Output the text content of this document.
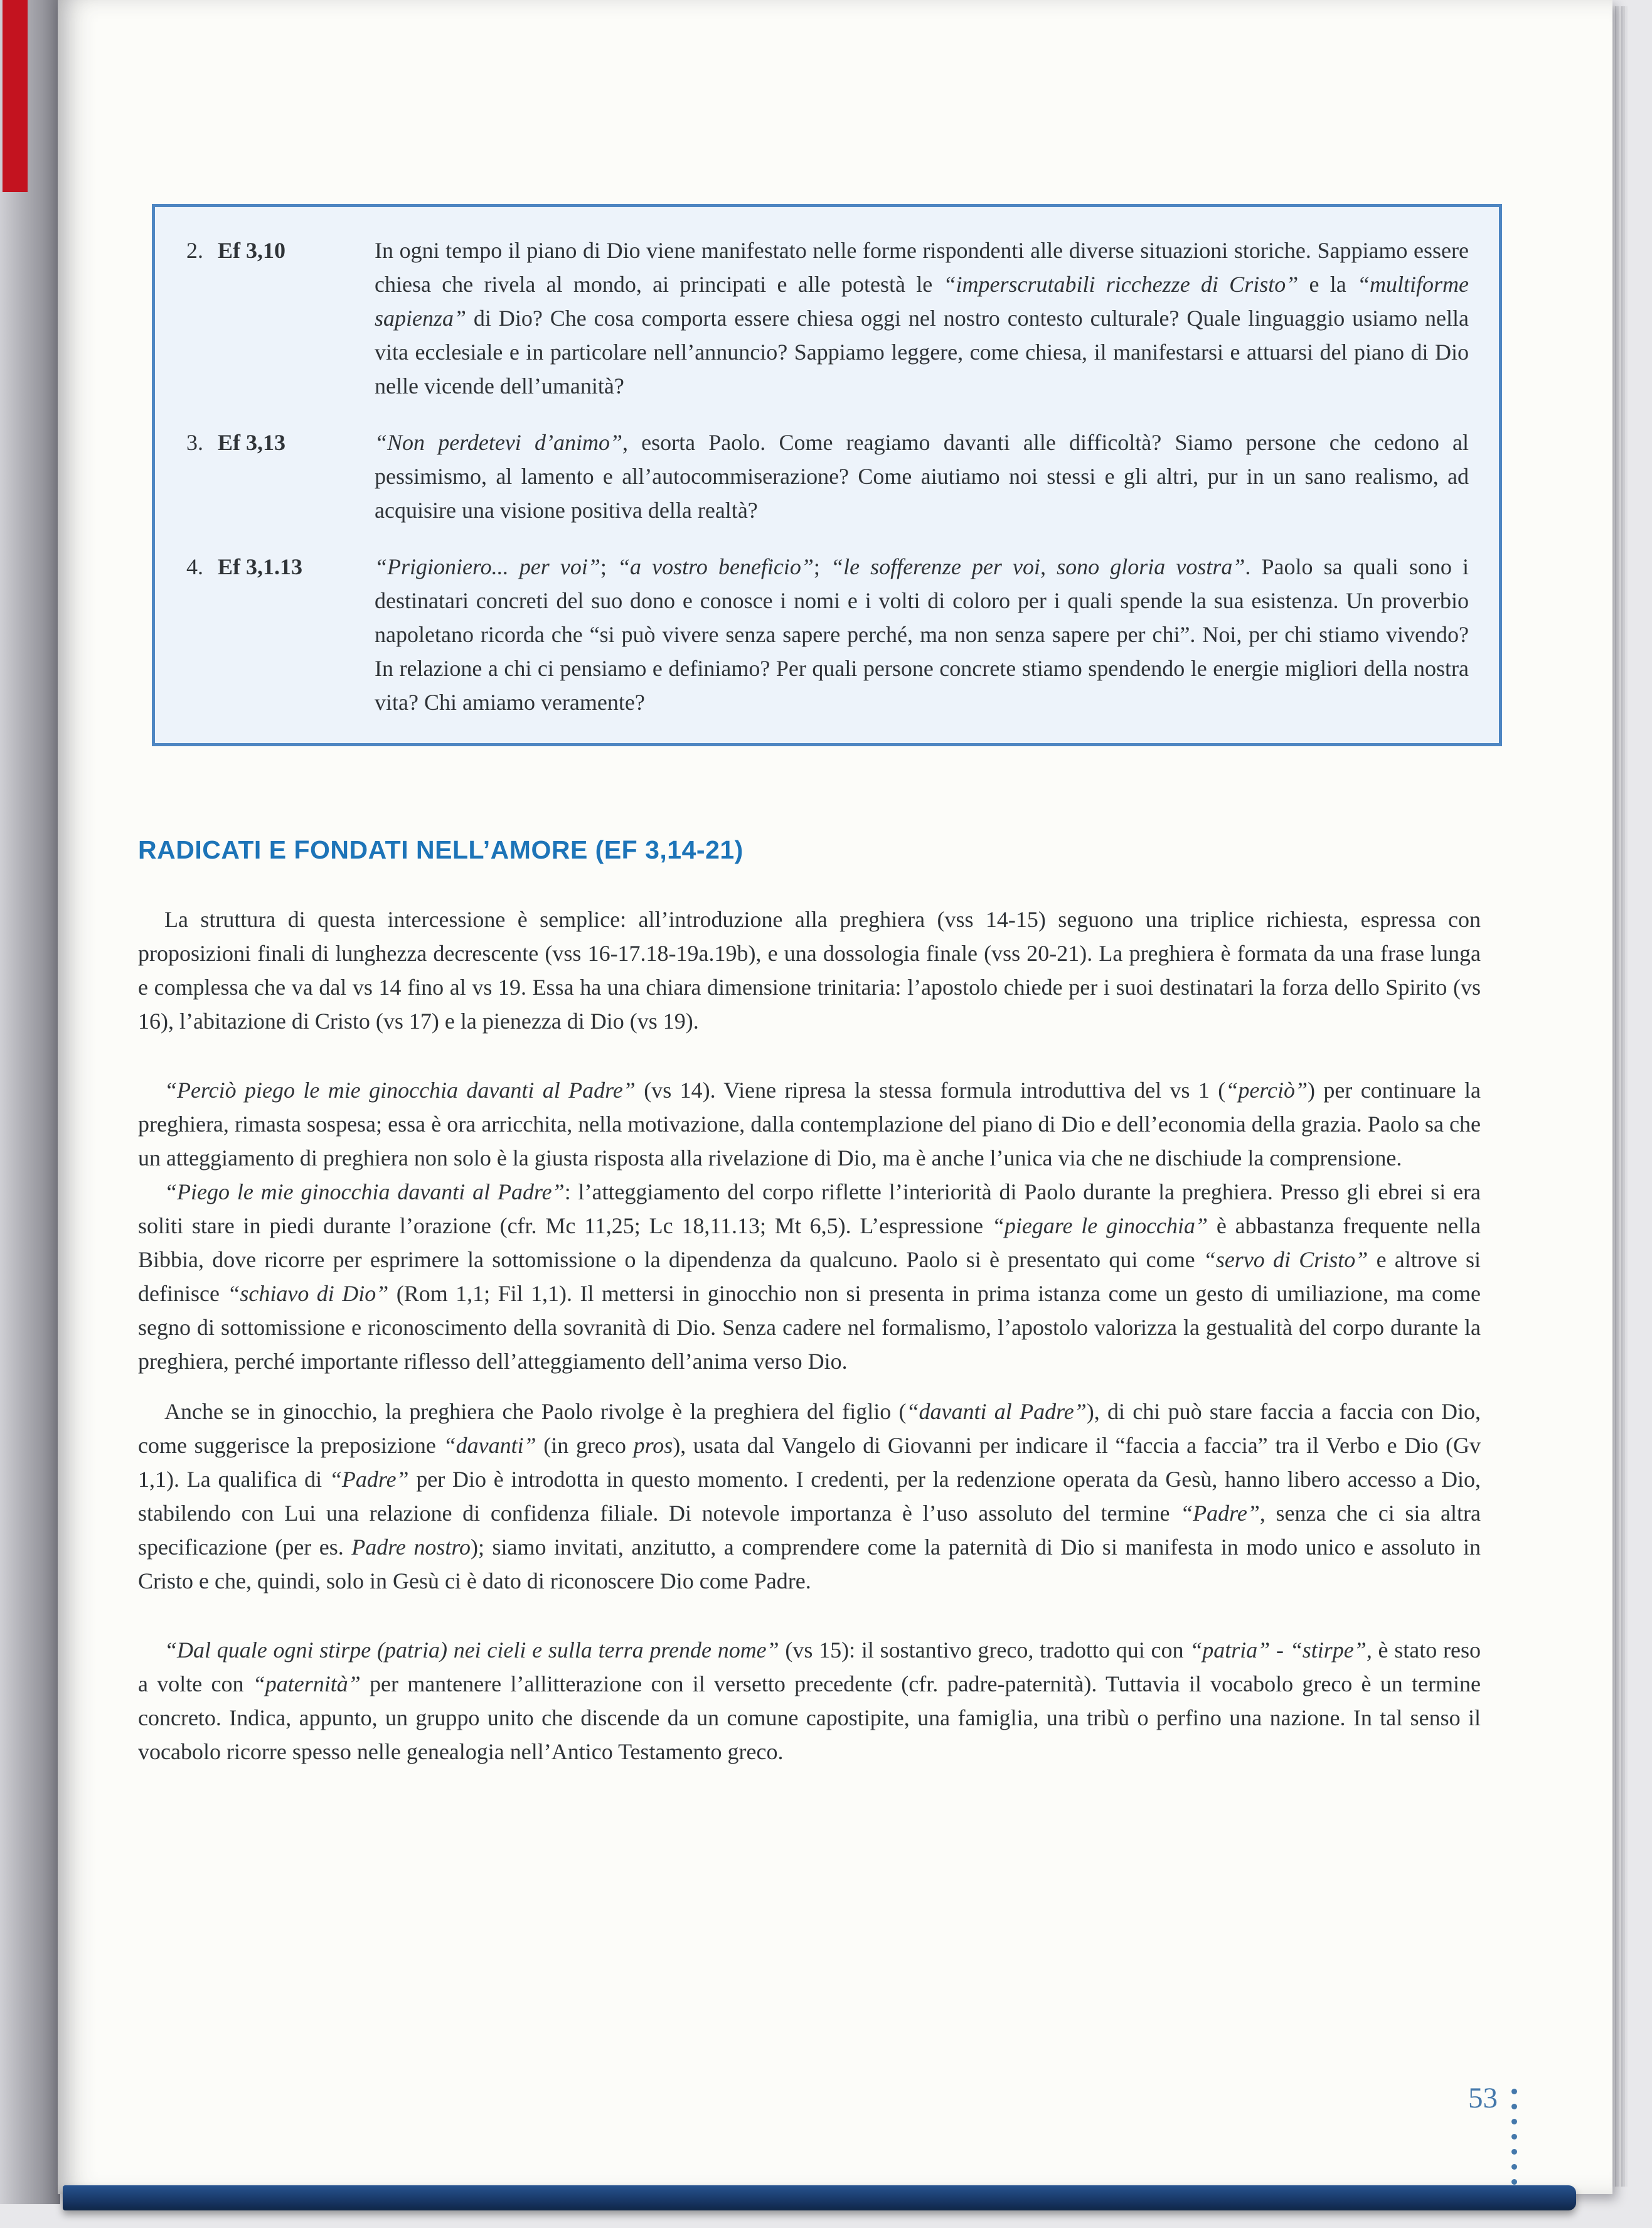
2. Ef 3,10	In ogni tempo il piano di Dio viene manifestato nelle forme rispondenti alle diverse situazioni storiche. Sappiamo essere chiesa che rivela al mondo, ai principati e alle potestà le “imperscrutabili ricchezze di Cristo” e la “multiforme sapienza” di Dio? Che cosa comporta essere chiesa oggi nel nostro contesto culturale? Quale linguaggio usiamo nella vita ecclesiale e in particolare nell’annuncio? Sappiamo leggere, come chiesa, il manifestarsi e attuarsi del piano di Dio nelle vicende dell’umanità?
3. Ef 3,13	“Non perdetevi d’animo”, esorta Paolo. Come reagiamo davanti alle difficoltà? Siamo persone che cedono al pessimismo, al lamento e all’autocommiserazione? Come aiutiamo noi stessi e gli altri, pur in un sano realismo, ad acquisire una visione positiva della realtà?
4. Ef 3,1.13	“Prigioniero... per voi”; “a vostro beneficio”; “le sofferenze per voi, sono gloria vostra”. Paolo sa quali sono i destinatari concreti del suo dono e conosce i nomi e i volti di coloro per i quali spende la sua esistenza. Un proverbio napoletano ricorda che “si può vivere senza sapere perché, ma non senza sapere per chi”. Noi, per chi stiamo vivendo? In relazione a chi ci pensiamo e definiamo? Per quali persone concrete stiamo spendendo le energie migliori della nostra vita? Chi amiamo veramente?
RADICATI E FONDATI NELL’AMORE (EF 3,14-21)

La struttura di questa intercessione è semplice: all’introduzione alla preghiera (vss 14-15) seguono una triplice richiesta, espressa con proposizioni finali di lunghezza decrescente (vss 16-17.18-19a.19b), e una dossologia finale (vss 20-21). La preghiera è formata da una frase lunga e complessa che va dal vs 14 fino al vs 19. Essa ha una chiara dimensione trinitaria: l’apostolo chiede per i suoi destinatari la forza dello Spirito (vs 16), l’abitazione di Cristo (vs 17) e la pienezza di Dio (vs 19).

“Perciò piego le mie ginocchia davanti al Padre” (vs 14). Viene ripresa la stessa formula introduttiva del vs 1 (“perciò”) per continuare la preghiera, rimasta sospesa; essa è ora arricchita, nella motivazione, dalla contemplazione del piano di Dio e dell’economia della grazia. Paolo sa che un atteggiamento di preghiera non solo è la giusta risposta alla rivelazione di Dio, ma è anche l’unica via che ne dischiude la comprensione.

“Piego le mie ginocchia davanti al Padre”: l’atteggiamento del corpo riflette l’interiorità di Paolo durante la preghiera. Presso gli ebrei si era soliti stare in piedi durante l’orazione (cfr. Mc 11,25; Lc 18,11.13; Mt 6,5). L’espressione “piegare le ginocchia” è abbastanza frequente nella Bibbia, dove ricorre per esprimere la sottomissione o la dipendenza da qualcuno. Paolo si è presentato qui come “servo di Cristo” e altrove si definisce “schiavo di Dio” (Rom 1,1; Fil 1,1). Il mettersi in ginocchio non si presenta in prima istanza come un gesto di umiliazione, ma come segno di sottomissione e riconoscimento della sovranità di Dio. Senza cadere nel formalismo, l’apostolo valorizza la gestualità del corpo durante la preghiera, perché importante riflesso dell’atteggiamento dell’anima verso Dio.

Anche se in ginocchio, la preghiera che Paolo rivolge è la preghiera del figlio (“davanti al Padre”), di chi può stare faccia a faccia con Dio, come suggerisce la preposizione “davanti” (in greco pros), usata dal Vangelo di Giovanni per indicare il “faccia a faccia” tra il Verbo e Dio (Gv 1,1). La qualifica di “Padre” per Dio è introdotta in questo momento. I credenti, per la redenzione operata da Gesù, hanno libero accesso a Dio, stabilendo con Lui una relazione di confidenza filiale. Di notevole importanza è l’uso assoluto del termine “Padre”, senza che ci sia altra specificazione (per es. Padre nostro); siamo invitati, anzitutto, a comprendere come la paternità di Dio si manifesta in modo unico e assoluto in Cristo e che, quindi, solo in Gesù ci è dato di riconoscere Dio come Padre.

“Dal quale ogni stirpe (patria) nei cieli e sulla terra prende nome” (vs 15): il sostantivo greco, tradotto qui con “patria” - “stirpe”, è stato reso a volte con “paternità” per mantenere l’allitterazione con il versetto precedente (cfr. padre-paternità). Tuttavia il vocabolo greco è un termine concreto. Indica, appunto, un gruppo unito che discende da un comune capostipite, una famiglia, una tribù o perfino una nazione. In tal senso il vocabolo ricorre spesso nelle genealogia nell’Antico Testamento greco.

53
